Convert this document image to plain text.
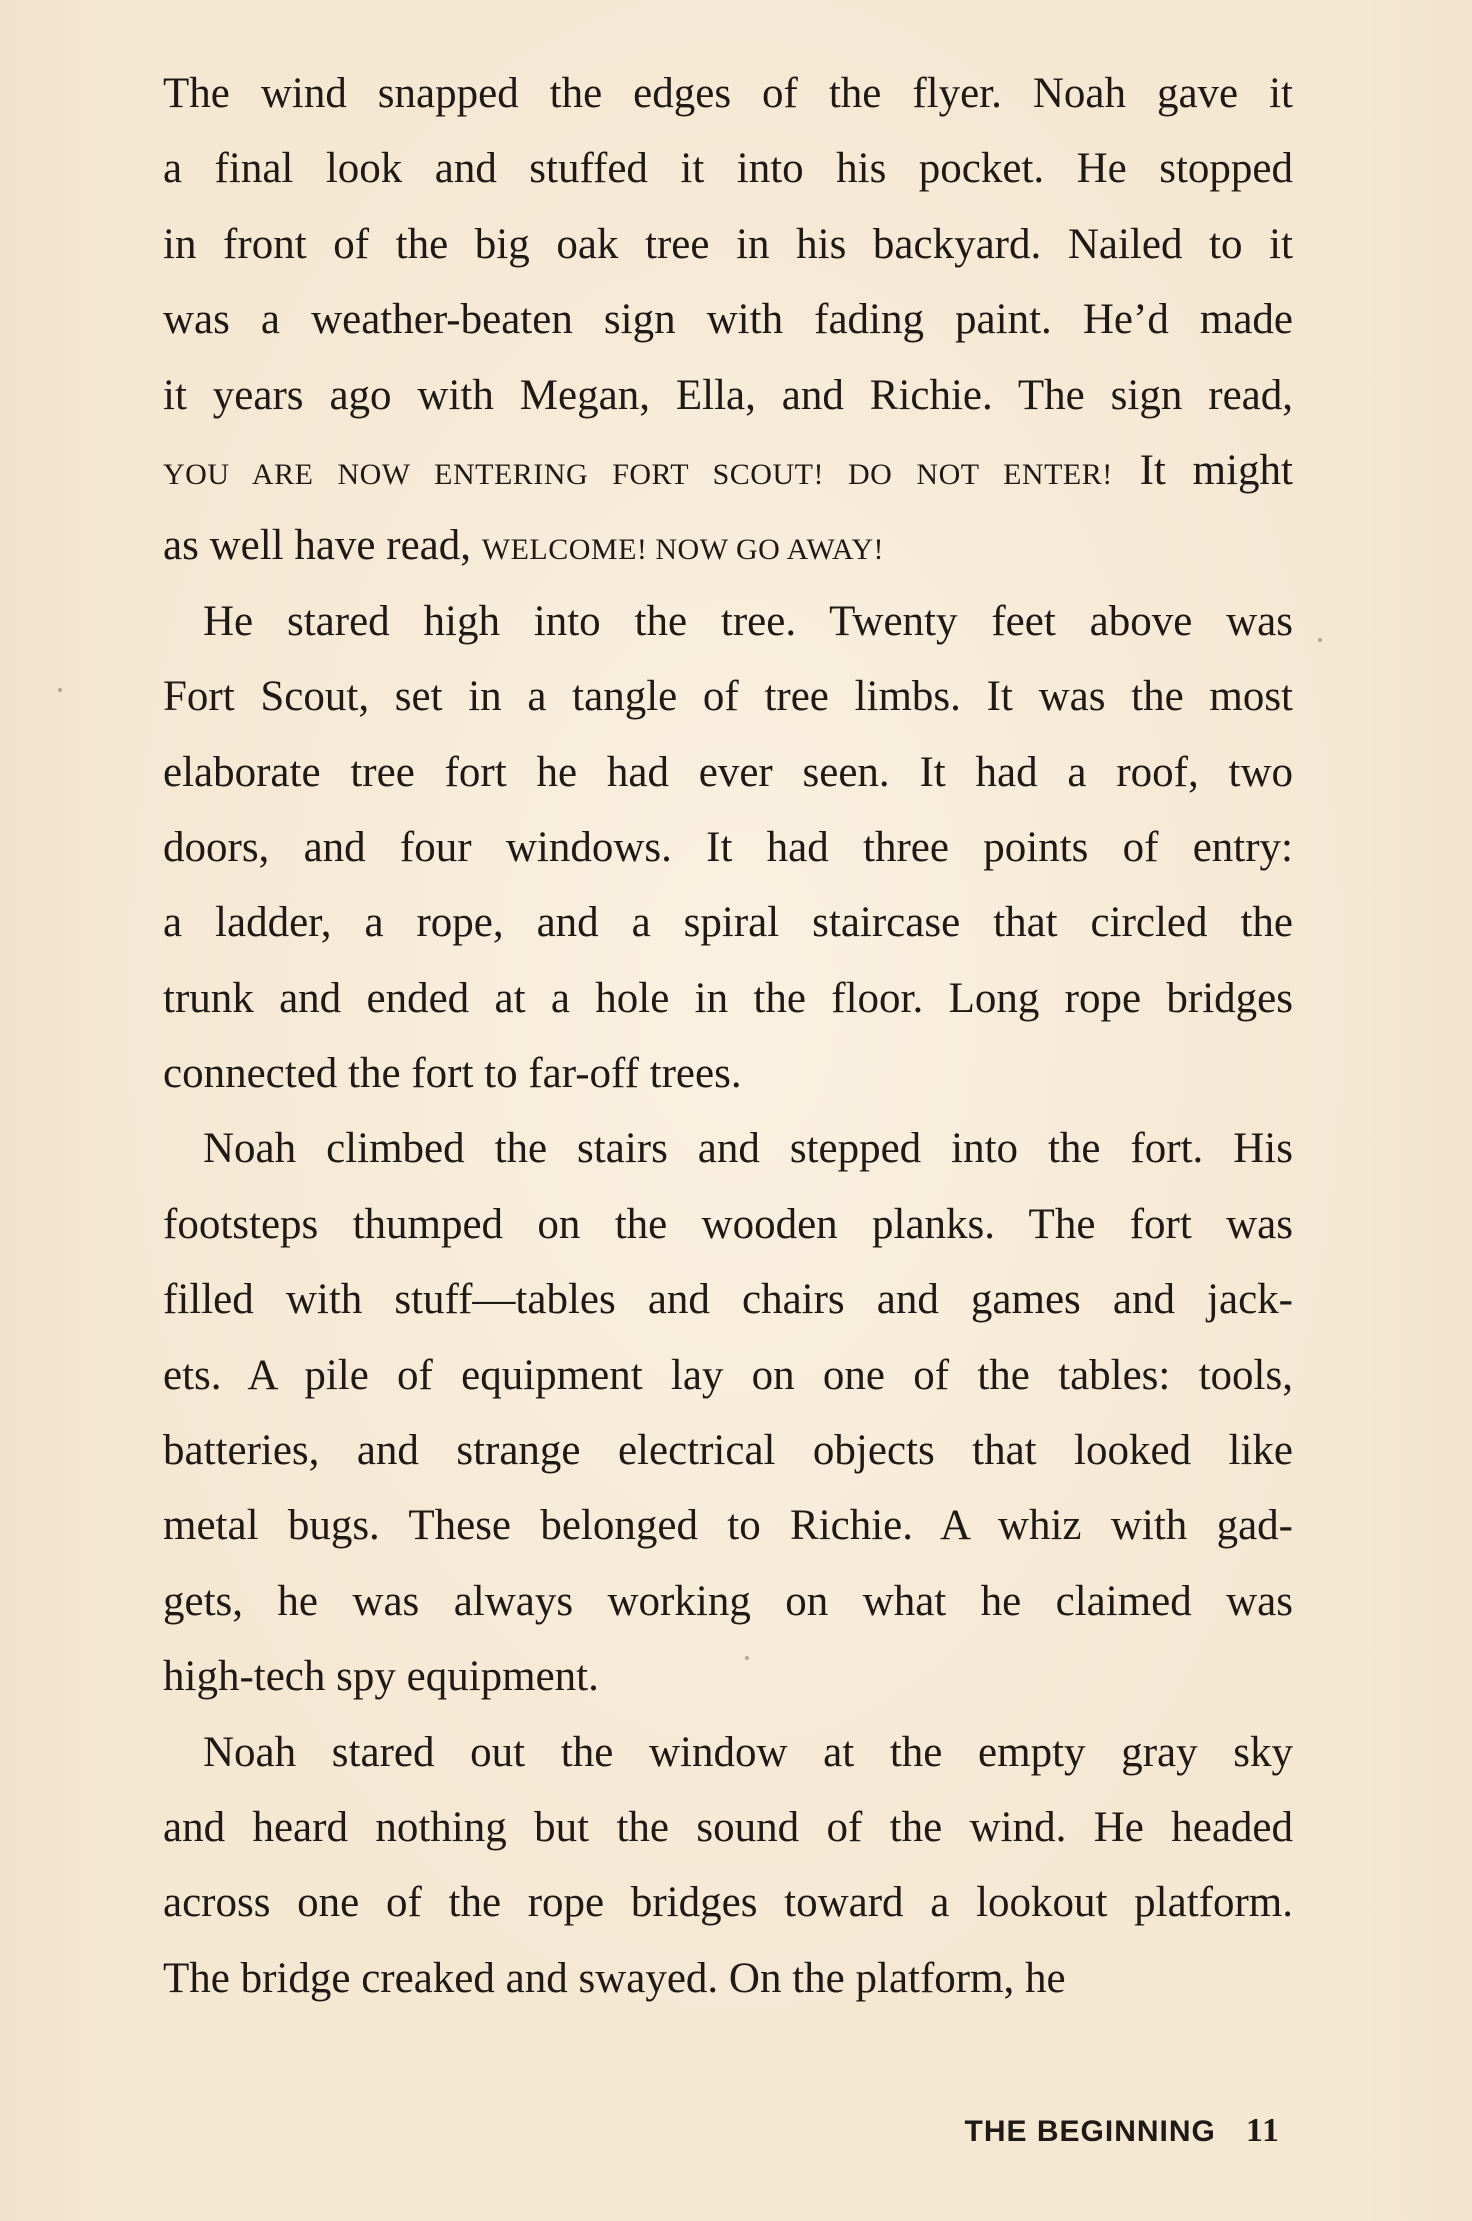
The wind snapped the edges of the flyer. Noah gave it
a final look and stuffed it into his pocket. He stopped
in front of the big oak tree in his backyard. Nailed to it
was a weather-beaten sign with fading paint. He’d made
it years ago with Megan, Ella, and Richie. The sign read,
YOU ARE NOW ENTERING FORT SCOUT! DO NOT ENTER! It might
as well have read, WELCOME! NOW GO AWAY!
He stared high into the tree. Twenty feet above was
Fort Scout, set in a tangle of tree limbs. It was the most
elaborate tree fort he had ever seen. It had a roof, two
doors, and four windows. It had three points of entry:
a ladder, a rope, and a spiral staircase that circled the
trunk and ended at a hole in the floor. Long rope bridges
connected the fort to far-off trees.
Noah climbed the stairs and stepped into the fort. His
footsteps thumped on the wooden planks. The fort was
filled with stuff—tables and chairs and games and jack-
ets. A pile of equipment lay on one of the tables: tools,
batteries, and strange electrical objects that looked like
metal bugs. These belonged to Richie. A whiz with gad-
gets, he was always working on what he claimed was
high-tech spy equipment.
Noah stared out the window at the empty gray sky
and heard nothing but the sound of the wind. He headed
across one of the rope bridges toward a lookout platform.
The bridge creaked and swayed. On the platform, he
THE BEGINNING 11
